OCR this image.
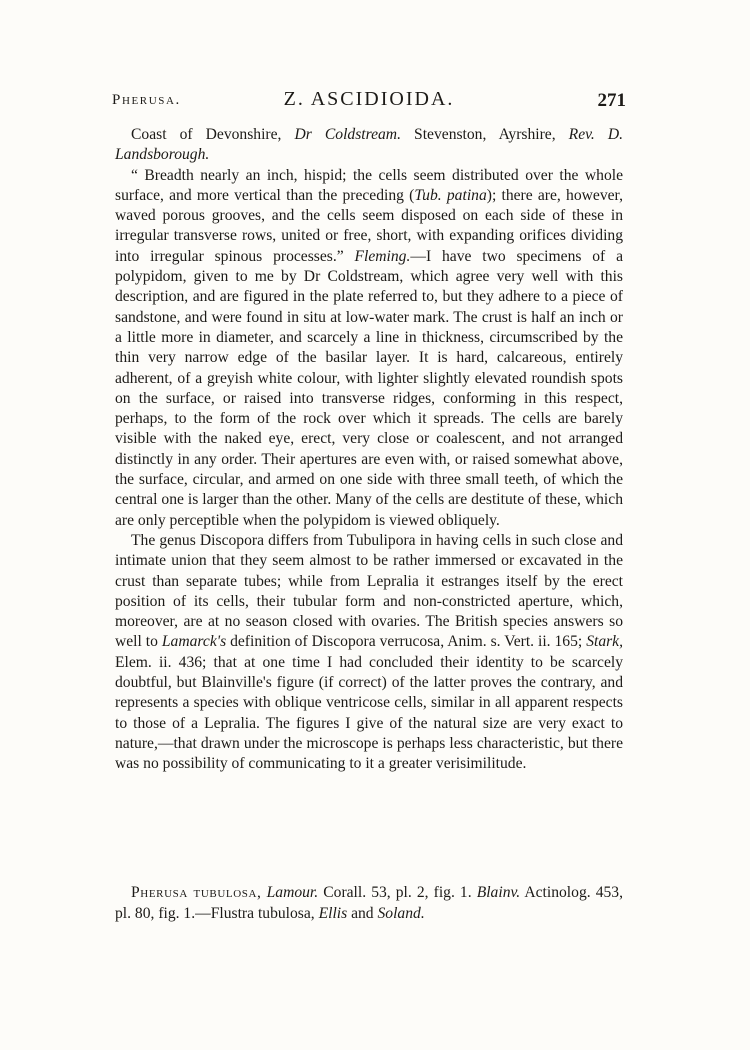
Pherusa.	Z. ASCIDIOIDA.	271

Coast of Devonshire, Dr Coldstream. Stevenston, Ayrshire, Rev. D. Landsborough.

“ Breadth nearly an inch, hispid; the cells seem distributed over the whole surface, and more vertical than the preceding (Tub. patina); there are, however, waved porous grooves, and the cells seem disposed on each side of these in irregular transverse rows, united or free, short, with expanding orifices dividing into irregular spinous processes.” Fleming.—I have two specimens of a polypidom, given to me by Dr Coldstream, which agree very well with this description, and are figured in the plate referred to, but they adhere to a piece of sandstone, and were found in situ at low-water mark. The crust is half an inch or a little more in diameter, and scarcely a line in thickness, circumscribed by the thin very narrow edge of the basilar layer. It is hard, calcareous, entirely adherent, of a greyish white colour, with lighter slightly elevated roundish spots on the surface, or raised into transverse ridges, conforming in this respect, perhaps, to the form of the rock over which it spreads. The cells are barely visible with the naked eye, erect, very close or coalescent, and not arranged distinctly in any order. Their apertures are even with, or raised somewhat above, the surface, circular, and armed on one side with three small teeth, of which the central one is larger than the other. Many of the cells are destitute of these, which are only perceptible when the polypidom is viewed obliquely.

The genus Discopora differs from Tubulipora in having cells in such close and intimate union that they seem almost to be rather immersed or excavated in the crust than separate tubes; while from Lepralia it estranges itself by the erect position of its cells, their tubular form and non-constricted aperture, which, moreover, are at no season closed with ovaries. The British species answers so well to Lamarck's definition of Discopora verrucosa, Anim. s. Vert. ii. 165; Stark, Elem. ii. 436; that at one time I had concluded their identity to be scarcely doubtful, but Blainville's figure (if correct) of the latter proves the contrary, and represents a species with oblique ventricose cells, similar in all apparent respects to those of a Lepralia. The figures I give of the natural size are very exact to nature,—that drawn under the microscope is perhaps less characteristic, but there was no possibility of communicating to it a greater verisimilitude.

Pherusa tubulosa, Lamour. Corall. 53, pl. 2, fig. 1. Blainv. Actinolog. 453, pl. 80, fig. 1.—Flustra tubulosa, Ellis and Soland.
